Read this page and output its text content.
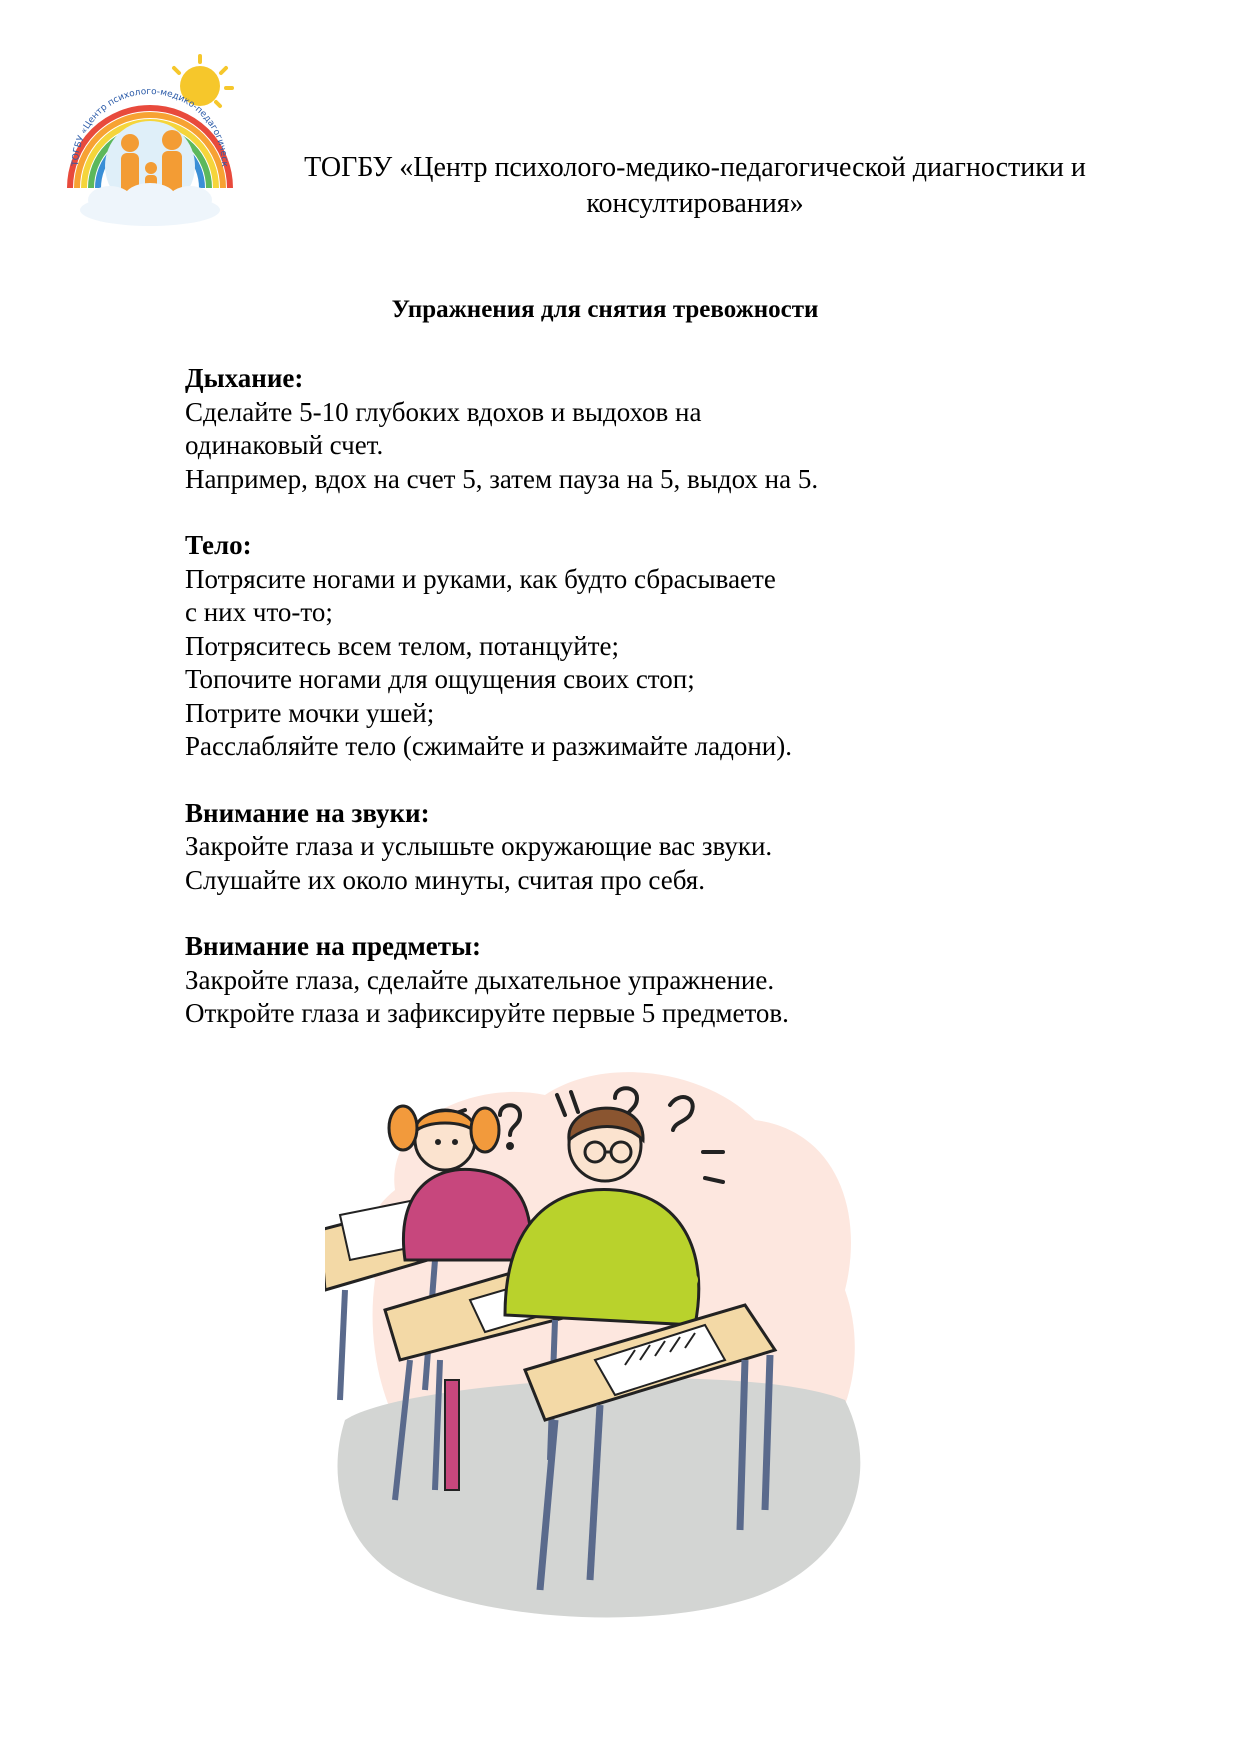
ТОГБУ «Центр психолого-медико-педагогическ	ТОГБУ «Центр психолого-медико-педагогической диагностики и
консултирования»
Упражнения для снятия тревожности
Дыхание:

Сделайте 5-10 глубоких вдохов и выдохов на

одинаковый счет.

Например, вдох на счет 5, затем пауза на 5, выдох на 5.

Тело:

Потрясите ногами и руками, как будто сбрасываете

с них что-то;

Потряситесь всем телом, потанцуйте;

Топочите ногами для ощущения своих стоп;

Потрите мочки ушей;

Расслабляйте тело (сжимайте и разжимайте ладони).

Внимание на звуки:

Закройте глаза и услышьте окружающие вас звуки.

Слушайте их около минуты, считая про себя.

Внимание на предметы:

Закройте глаза, сделайте дыхательное упражнение.

Откройте глаза и зафиксируйте первые 5 предметов.
